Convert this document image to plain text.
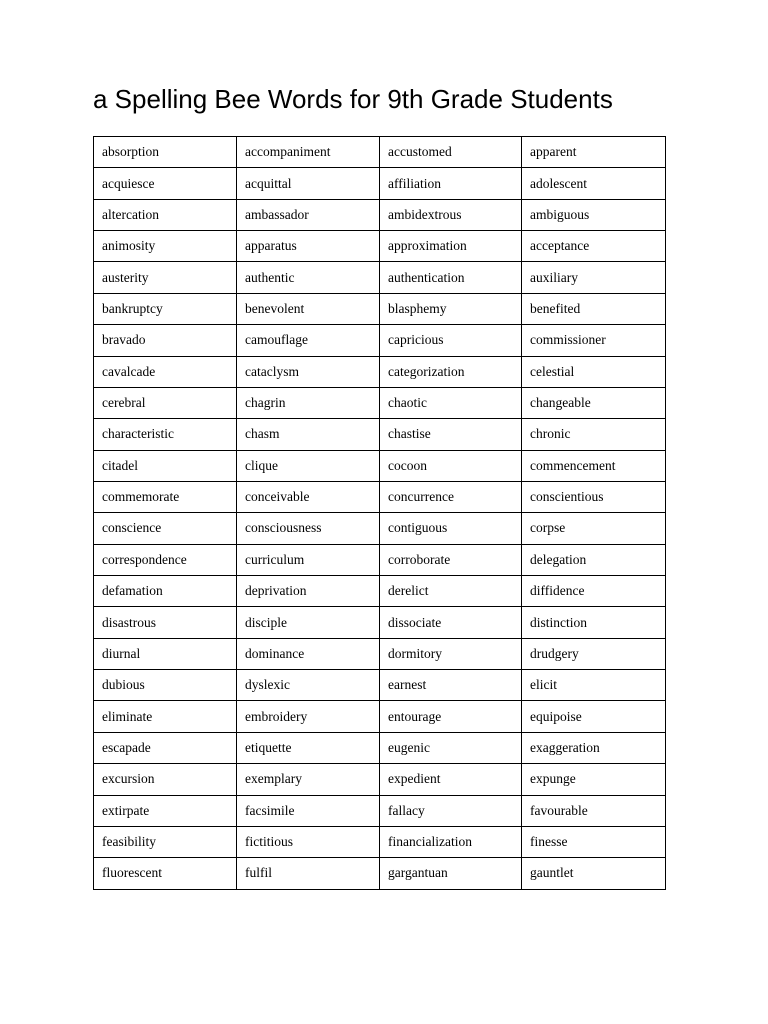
a Spelling Bee Words for 9th Grade Students
absorption	accompaniment	accustomed	apparent
acquiesce	acquittal	affiliation	adolescent
altercation	ambassador	ambidextrous	ambiguous
animosity	apparatus	approximation	acceptance
austerity	authentic	authentication	auxiliary
bankruptcy	benevolent	blasphemy	benefited
bravado	camouflage	capricious	commissioner
cavalcade	cataclysm	categorization	celestial
cerebral	chagrin	chaotic	changeable
characteristic	chasm	chastise	chronic
citadel	clique	cocoon	commencement
commemorate	conceivable	concurrence	conscientious
conscience	consciousness	contiguous	corpse
correspondence	curriculum	corroborate	delegation
defamation	deprivation	derelict	diffidence
disastrous	disciple	dissociate	distinction
diurnal	dominance	dormitory	drudgery
dubious	dyslexic	earnest	elicit
eliminate	embroidery	entourage	equipoise
escapade	etiquette	eugenic	exaggeration
excursion	exemplary	expedient	expunge
extirpate	facsimile	fallacy	favourable
feasibility	fictitious	financialization	finesse
fluorescent	fulfil	gargantuan	gauntlet
